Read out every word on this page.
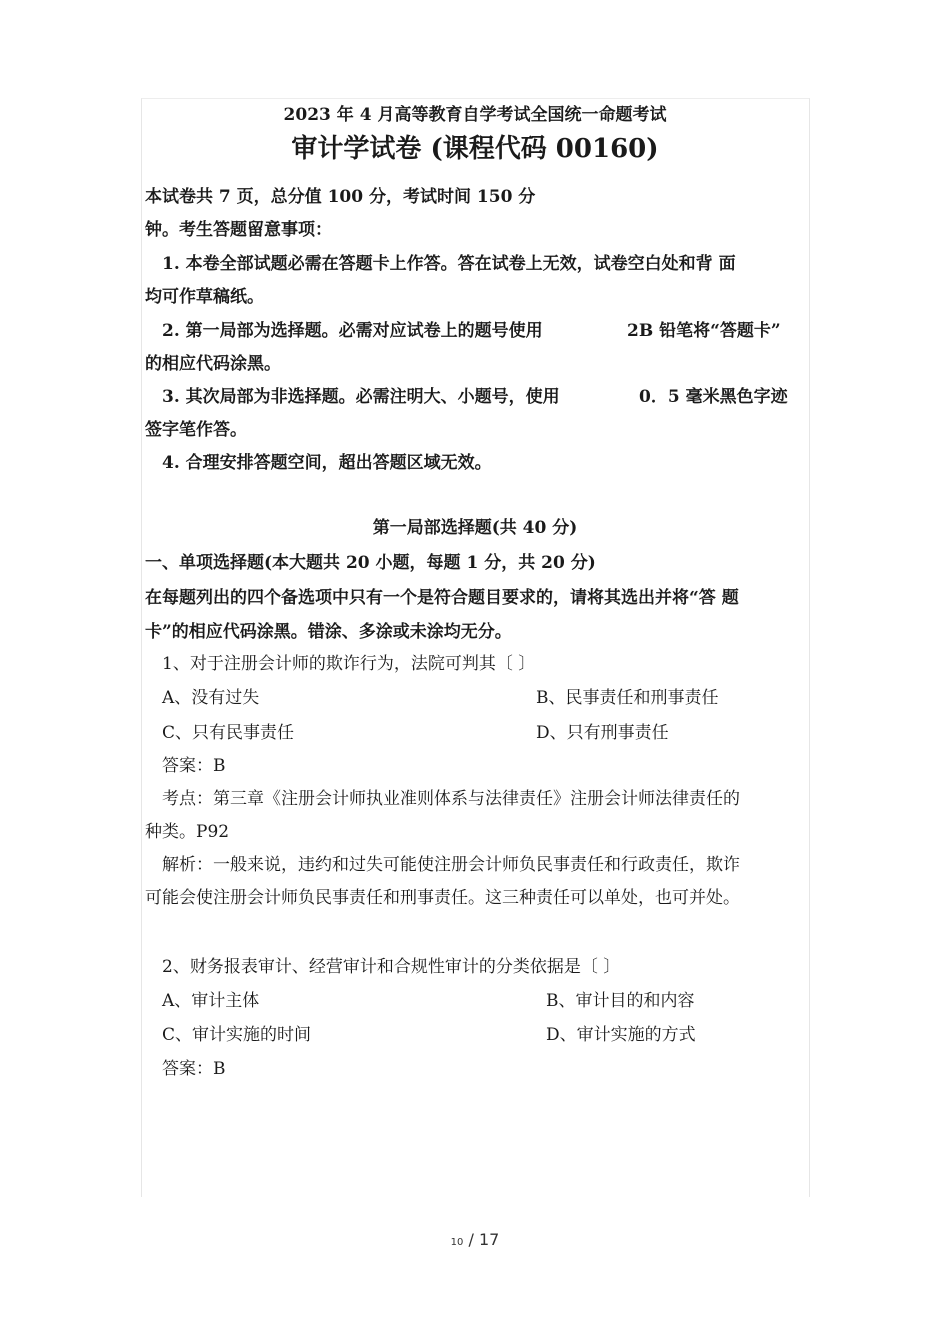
2023 年 4 月高等教育自学考试全国统一命题考试
审计学试卷 (课程代码 00160)
本试卷共 7 页，总分值 100 分，考试时间 150 分
钟。考生答题留意事项：
1. 本卷全部试题必需在答题卡上作答。答在试卷上无效，试卷空白处和背 面
均可作草稿纸。
2. 第一局部为选择题。必需对应试卷上的题号使用	2B 铅笔将“答题卡”
的相应代码涂黑。
3. 其次局部为非选择题。必需注明大、小题号，使用	0．5 毫米黑色字迹
签字笔作答。
4. 合理安排答题空间，超出答题区域无效。
第一局部选择题(共 40 分)
一、单项选择题(本大题共 20 小题，每题 1 分，共 20 分)
在每题列出的四个备选项中只有一个是符合题目要求的，请将其选出并将“答 题
卡”的相应代码涂黑。错涂、多涂或未涂均无分。
1、对于注册会计师的欺诈行为，法院可判其〔 〕
A、没有过失	B、民事责任和刑事责任
C、只有民事责任	D、只有刑事责任
答案：B
考点：第三章《注册会计师执业准则体系与法律责任》注册会计师法律责任的
种类。P92
解析：一般来说，违约和过失可能使注册会计师负民事责任和行政责任，欺诈
可能会使注册会计师负民事责任和刑事责任。这三种责任可以单处，也可并处。
2、财务报表审计、经营审计和合规性审计的分类依据是〔 〕
A、审计主体	B、审计目的和内容
C、审计实施的时间	D、审计实施的方式
答案：B
10 / 17
